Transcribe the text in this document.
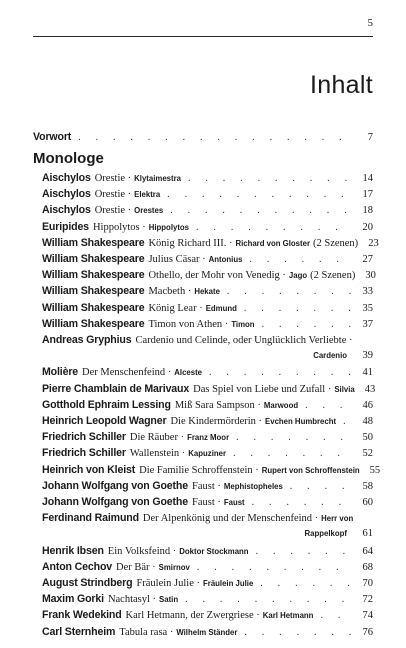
5
Inhalt
Vorwort . . .	7
Monologe
Aischylos Orestie · Klytaimestra . . .	14
Aischylos Orestie · Elektra . . .	17
Aischylos Orestie · Orestes . . .	18
Euripides Hippolytos · Hippolytos . . .	20
William Shakespeare König Richard III. · Richard von Gloster (2 Szenen) 23
William Shakespeare Julius Cäsar · Antonius . . .	27
William Shakespeare Othello, der Mohr von Venedig · Jago (2 Szenen) 30
William Shakespeare Macbeth · Hekate . . .	33
William Shakespeare König Lear · Edmund . . .	35
William Shakespeare Timon von Athen · Timon . . .	37
Andreas Gryphius Cardenio und Celinde, oder Unglücklich Verliebte ·
Cardenio	39
Molière Der Menschenfeind · Alceste . . .	41
Pierre Chamblain de Marivaux Das Spiel von Liebe und Zufall · Silvia 43
Gotthold Ephraim Lessing Miß Sara Sampson · Marwood . . .	46
Heinrich Leopold Wagner Die Kindermörderin · Evchen Humbrecht . . .	48
Friedrich Schiller Die Räuber · Franz Moor . . .	50
Friedrich Schiller Wallenstein · Kapuziner . . .	52
Heinrich von Kleist Die Familie Schroffenstein · Rupert von Schroffenstein 55
Johann Wolfgang von Goethe Faust · Mephistopheles . . .	58
Johann Wolfgang von Goethe Faust · Faust . . .	60
Ferdinand Raimund Der Alpenkönig und der Menschenfeind · Herr von
Rappelkopf	61
Henrik Ibsen Ein Volksfeind · Doktor Stockmann . . .	64
Anton Cechov Der Bär · Smirnov . . .	68
August Strindberg Fräulein Julie · Fräulein Julie . . .	70
Maxim Gorki Nachtasyl · Satin . . .	72
Frank Wedekind Karl Hetmann, der Zwergriese · Karl Hetmann . . .	74
Carl Sternheim Tabula rasa · Wilhelm Ständer . . .	76
